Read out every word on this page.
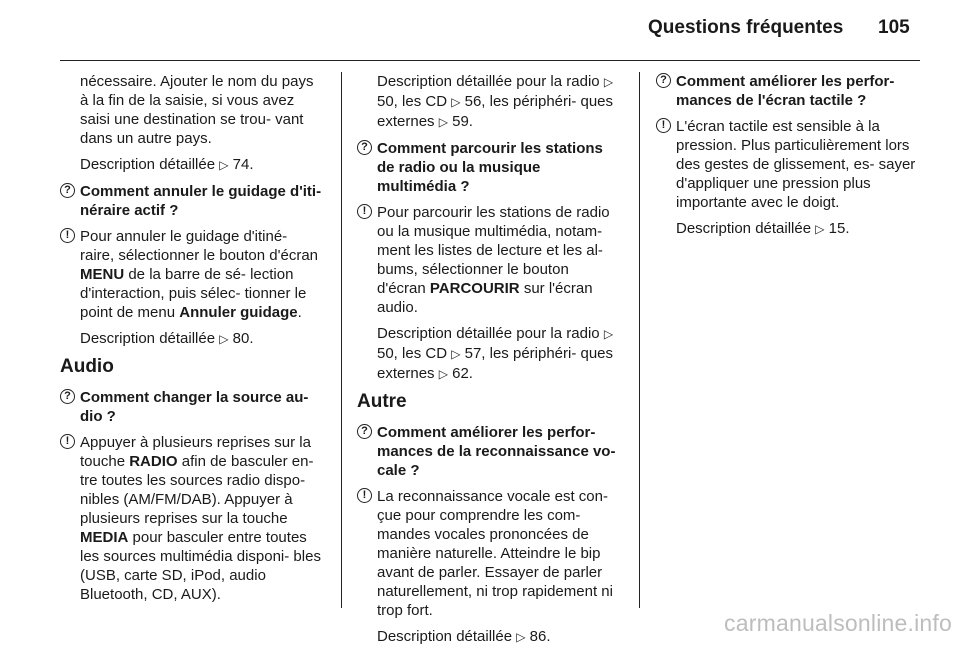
Questions fréquentes 105

nécessaire. Ajouter le nom du pays à la fin de la saisie, si vous avez saisi une destination se trou- vant dans un autre pays.

Description détaillée ▷ 74.

? Comment annuler le guidage d'iti- néraire actif ?
! Pour annuler le guidage d'itiné- raire, sélectionner le bouton d'écran MENU de la barre de sé- lection d'interaction, puis sélec- tionner le point de menu Annuler guidage.

Description détaillée ▷ 80.

Audio
? Comment changer la source au- dio ?
! Appuyer à plusieurs reprises sur la touche RADIO afin de basculer en- tre toutes les sources radio dispo- nibles (AM/FM/DAB). Appuyer à plusieurs reprises sur la touche MEDIA pour basculer entre toutes les sources multimédia disponi- bles (USB, carte SD, iPod, audio Bluetooth, CD, AUX).

Description détaillée pour la radio ▷ 50, les CD ▷ 56, les périphéri- ques externes ▷ 59.

? Comment parcourir les stations de radio ou la musique multimédia ?
! Pour parcourir les stations de radio ou la musique multimédia, notam- ment les listes de lecture et les al- bums, sélectionner le bouton d'écran PARCOURIR sur l'écran audio.

Description détaillée pour la radio ▷ 50, les CD ▷ 57, les périphéri- ques externes ▷ 62.

Autre
? Comment améliorer les perfor- mances de la reconnaissance vo- cale ?
! La reconnaissance vocale est con- çue pour comprendre les com- mandes vocales prononcées de manière naturelle. Atteindre le bip avant de parler. Essayer de parler naturellement, ni trop rapidement ni trop fort.

Description détaillée ▷ 86.

? Comment améliorer les perfor- mances de l'écran tactile ?
! L'écran tactile est sensible à la pression. Plus particulièrement lors des gestes de glissement, es- sayer d'appliquer une pression plus importante avec le doigt.

Description détaillée ▷ 15.

carmanualsonline.info
